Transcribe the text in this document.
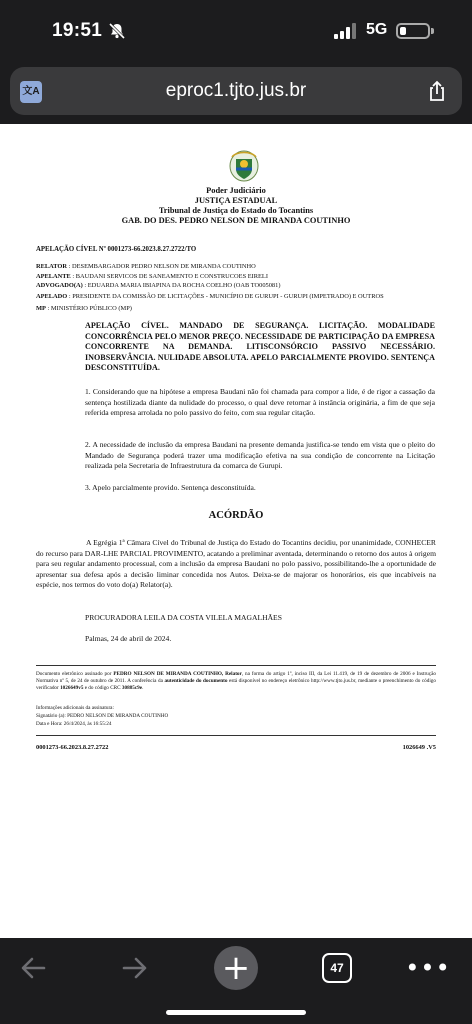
19:51	5G
文A	eproc1.tjto.jus.br
Poder Judiciário
JUSTIÇA ESTADUAL
Tribunal de Justiça do Estado do Tocantins
GAB. DO DES. PEDRO NELSON DE MIRANDA COUTINHO
APELAÇÃO CÍVEL Nº 0001273-66.2023.8.27.2722/TO
RELATOR : DESEMBARGADOR PEDRO NELSON DE MIRANDA COUTINHO
APELANTE : BAUDANI SERVICOS DE SANEAMENTO E CONSTRUCOES EIRELI
ADVOGADO(A) : EDUARDA MARIA IBIAPINA DA ROCHA COELHO (OAB TO005081)
APELADO : PRESIDENTE DA COMISSÃO DE LICITAÇÕES - MUNICÍPIO DE GURUPI - GURUPI (IMPETRADO) E OUTROS
MP : MINISTÉRIO PÚBLICO (MP)
APELAÇÃO CÍVEL. MANDADO DE SEGURANÇA. LICITAÇÃO. MODALIDADE CONCORRÊNCIA PELO MENOR PREÇO. NECESSIDADE DE PARTICIPAÇÃO DA EMPRESA CONCORRENTE NA DEMANDA. LITISCONSÓRCIO PASSIVO NECESSÁRIO. INOBSERVÂNCIA. NULIDADE ABSOLUTA. APELO PARCIALMENTE PROVIDO. SENTENÇA DESCONSTITUÍDA.
1. Considerando que na hipótese a empresa Baudani não foi chamada para compor a lide, é de rigor a cassação da sentença hostilizada diante da nulidade do processo, o qual deve retornar à instância originária, a fim de que seja referida empresa arrolada no polo passivo do feito, com sua regular citação.
2. A necessidade de inclusão da empresa Baudani na presente demanda justifica-se tendo em vista que o pleito do Mandado de Segurança poderá trazer uma modificação efetiva na sua condição de concorrente na Licitação realizada pela Secretaria de Infraestrutura da comarca de Gurupi.
3. Apelo parcialmente provido. Sentença desconstituída.
ACÓRDÃO
A Egrégia 1ª Câmara Cível do Tribunal de Justiça do Estado do Tocantins decidiu, por unanimidade, CONHECER do recurso para DAR-LHE PARCIAL PROVIMENTO, acatando a preliminar aventada, determinando o retorno dos autos à origem para seu regular andamento processual, com a inclusão da empresa Baudani no polo passivo, possibilitando-lhe a oportunidade de apresentar sua defesa após a decisão liminar concedida nos Autos. Deixa-se de majorar os honorários, eis que incabíveis na espécie, nos termos do voto do(a) Relator(a).
PROCURADORA LEILA DA COSTA VILELA MAGALHÃES
Palmas, 24 de abril de 2024.
Documento eletrônico assinado por PEDRO NELSON DE MIRANDA COUTINHO, Relator, na forma do artigo 1º, inciso III, da Lei 11.419, de 19 de dezembro de 2006 e Instrução Normativa nº 5, de 24 de outubro de 2011. A conferência da autenticidade do documento está disponível no endereço eletrônico http://www.tjto.jus.br, mediante o preenchimento do código verificador 1026649v5 e do código CRC 30885c9e.
Informações adicionais da assinatura:
Signatário (a): PEDRO NELSON DE MIRANDA COUTINHO
Data e Hora: 26/4/2024, às 16:55:24
0001273-66.2023.8.27.2722	1026649 .V5
+	47	•••
